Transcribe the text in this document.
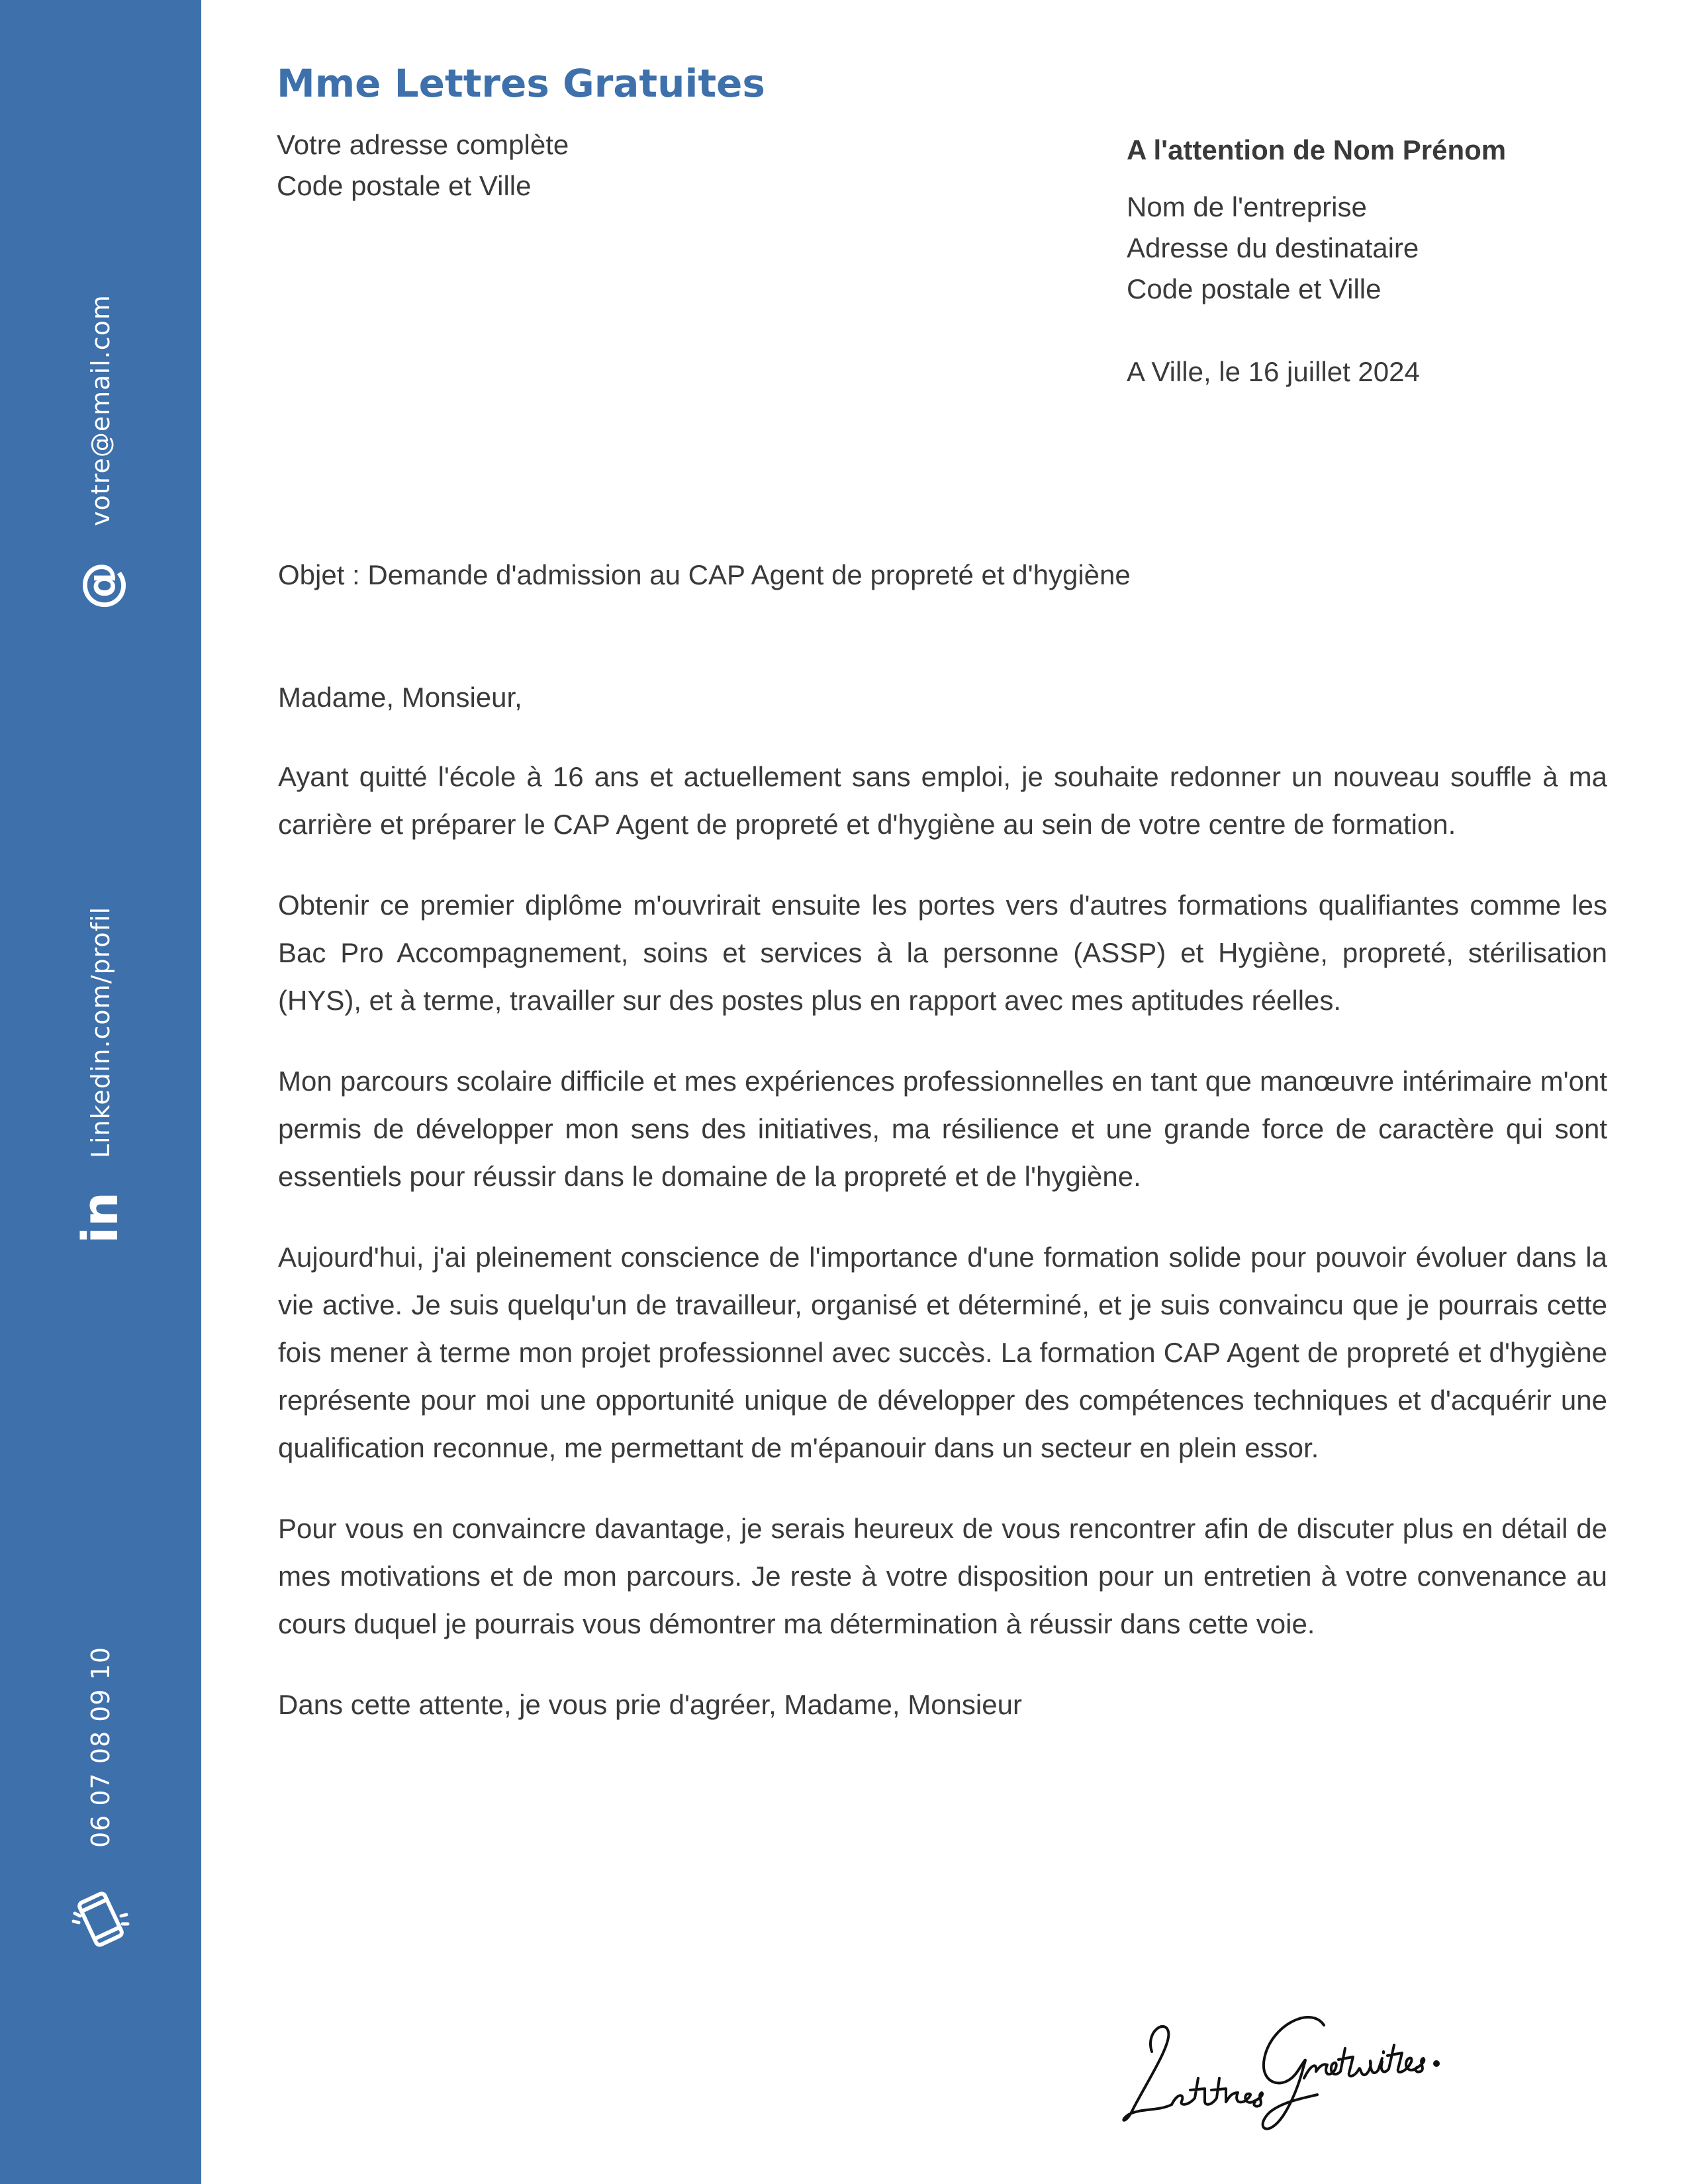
votre@email.com
@
Linkedin.com/profil
in
06 07 08 09 10
Mme Lettres Gratuites
Votre adresse complète
Code postale et Ville
A l'attention de Nom Prénom
Nom de l'entreprise
Adresse du destinataire
Code postale et Ville
A Ville, le 16 juillet 2024
Objet : Demande d'admission au CAP Agent de propreté et d'hygiène

Madame, Monsieur,

Ayant quitté l'école à 16 ans et actuellement sans emploi, je souhaite redonner un nouveau souffle à ma carrière et préparer le CAP Agent de propreté et d'hygiène au sein de votre centre de formation.

Obtenir ce premier diplôme m'ouvrirait ensuite les portes vers d'autres formations qualifiantes comme les Bac Pro Accompagnement, soins et services à la personne (ASSP) et Hygiène, propreté, stérilisation (HYS), et à terme, travailler sur des postes plus en rapport avec mes aptitudes réelles.

Mon parcours scolaire difficile et mes expériences professionnelles en tant que manœuvre intérimaire m'ont permis de développer mon sens des initiatives, ma résilience et une grande force de caractère qui sont essentiels pour réussir dans le domaine de la propreté et de l'hygiène.

Aujourd'hui, j'ai pleinement conscience de l'importance d'une formation solide pour pouvoir évoluer dans la vie active. Je suis quelqu'un de travailleur, organisé et déterminé, et je suis convaincu que je pourrais cette fois mener à terme mon projet professionnel avec succès. La formation CAP Agent de propreté et d'hygiène représente pour moi une opportunité unique de développer des compétences techniques et d'acquérir une qualification reconnue, me permettant de m'épanouir dans un secteur en plein essor.

Pour vous en convaincre davantage, je serais heureux de vous rencontrer afin de discuter plus en détail de mes motivations et de mon parcours. Je reste à votre disposition pour un entretien à votre convenance au cours duquel je pourrais vous démontrer ma détermination à réussir dans cette voie.

Dans cette attente, je vous prie d'agréer, Madame, Monsieur
